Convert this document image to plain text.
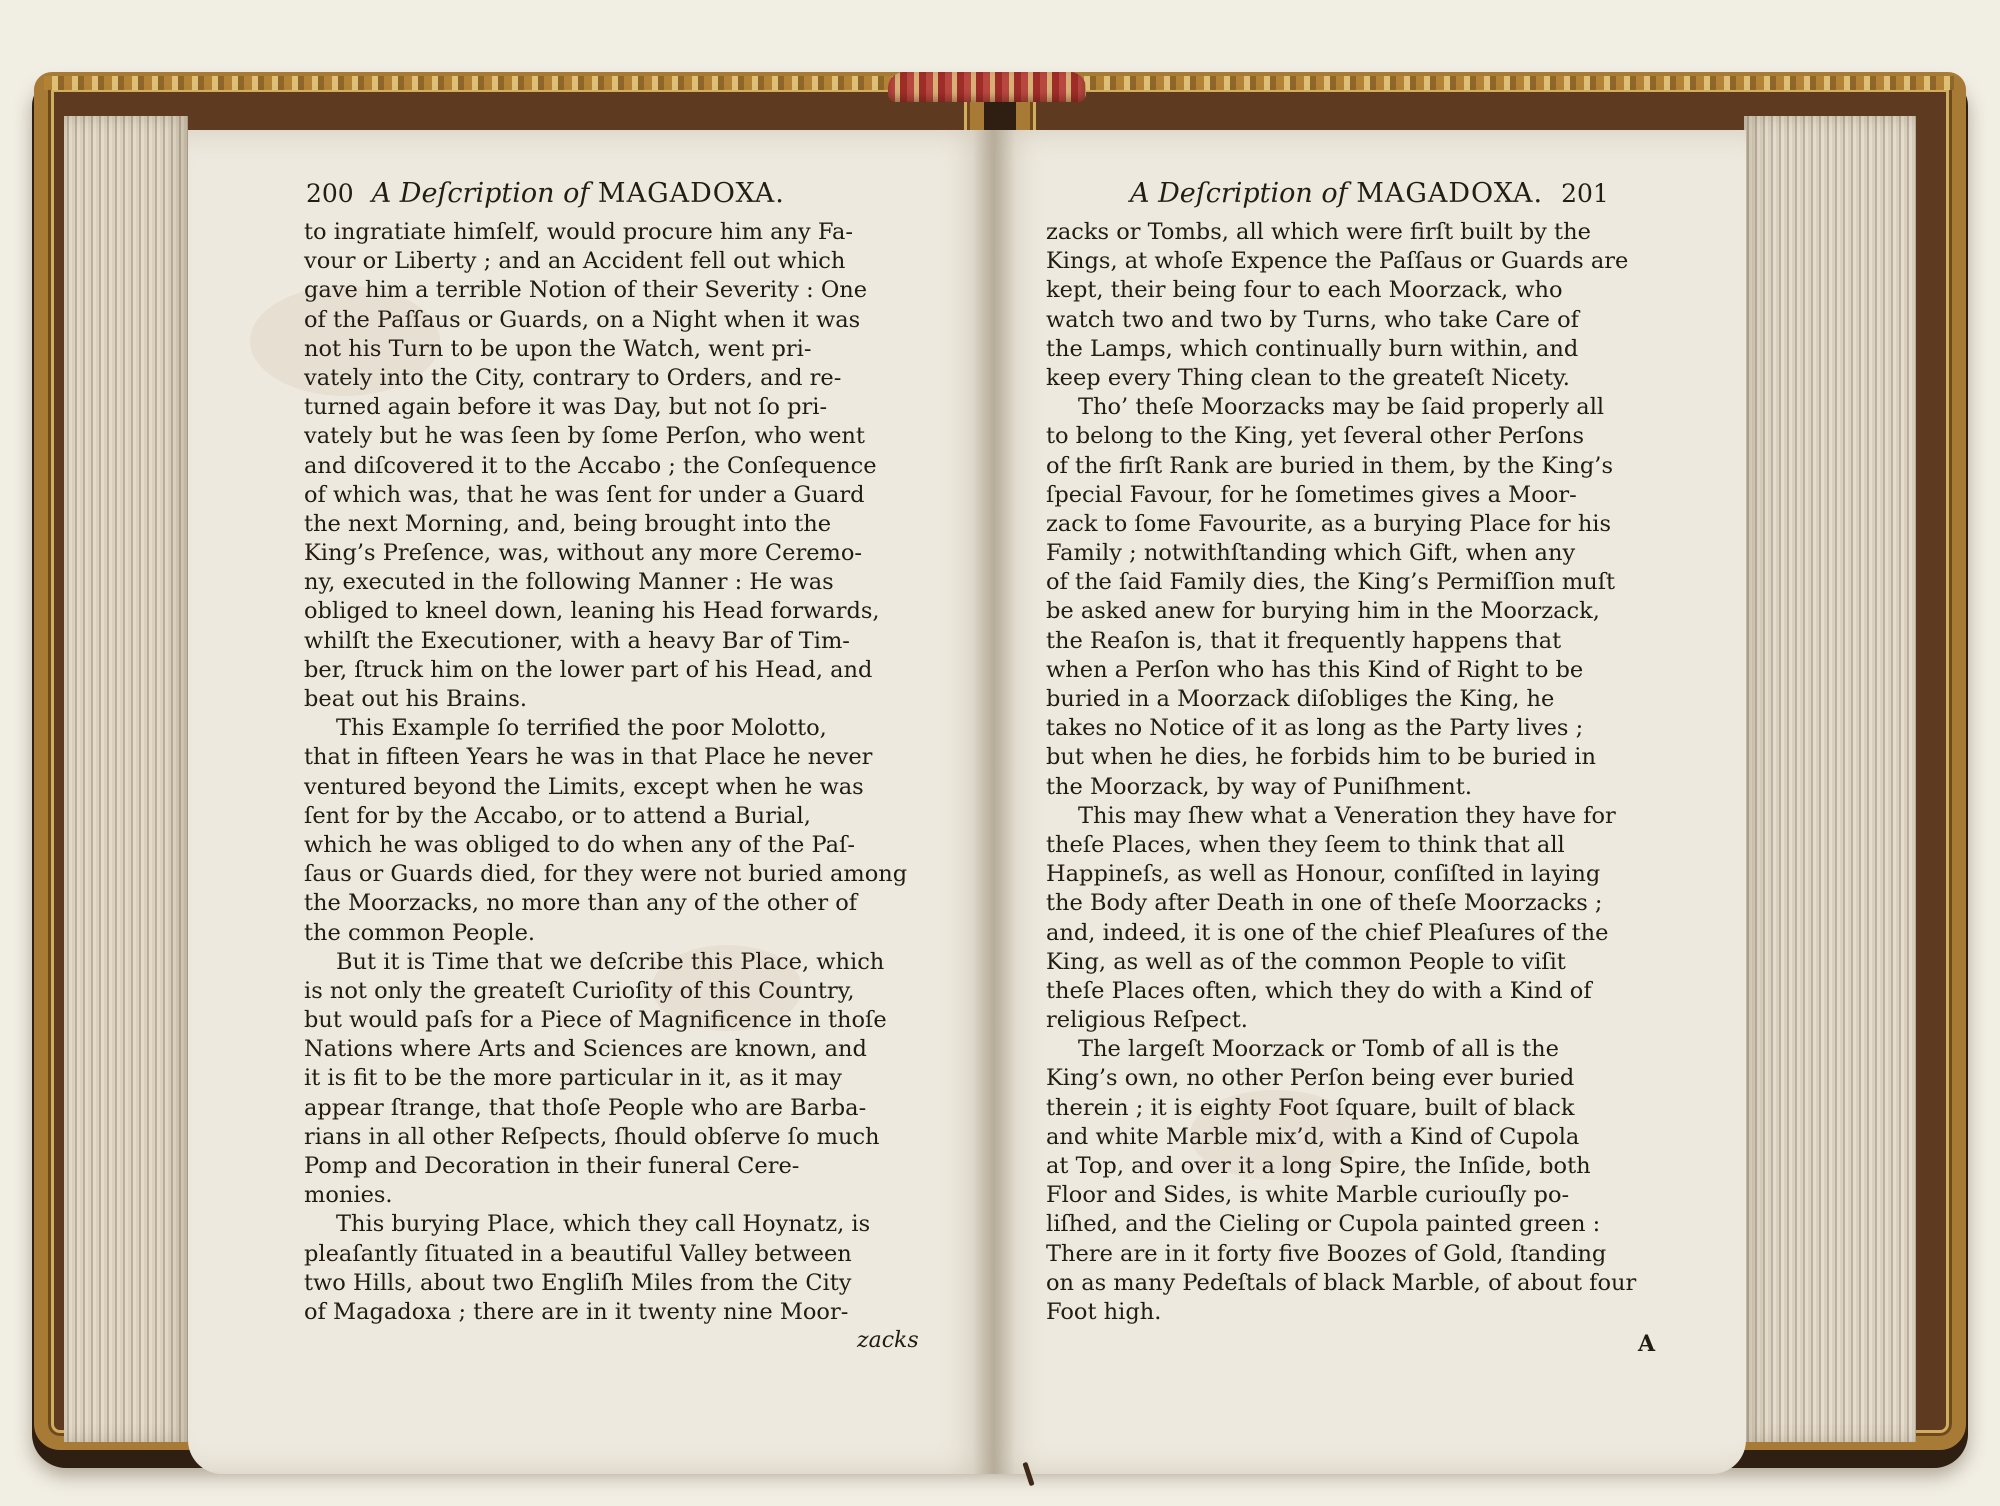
200 A Deſcription of MAGADOXA.	A Deſcription of MAGADOXA. 201
to ingratiate himſelf, would procure him any Fa-
vour or Liberty ; and an Accident fell out which
gave him a terrible Notion of their Severity : One
of the Paſſaus or Guards, on a Night when it was
not his Turn to be upon the Watch, went pri-
vately into the City, contrary to Orders, and re-
turned again before it was Day, but not ſo pri-
vately but he was ſeen by ſome Perſon, who went
and diſcovered it to the Accabo ; the Conſequence
of which was, that he was ſent for under a Guard
the next Morning, and, being brought into the
King’s Preſence, was, without any more Ceremo-
ny, executed in the following Manner : He was
obliged to kneel down, leaning his Head forwards,
whilſt the Executioner, with a heavy Bar of Tim-
ber, ſtruck him on the lower part of his Head, and
beat out his Brains.
This Example ſo terrified the poor Molotto,
that in fifteen Years he was in that Place he never
ventured beyond the Limits, except when he was
ſent for by the Accabo, or to attend a Burial,
which he was obliged to do when any of the Paſ-
ſaus or Guards died, for they were not buried among
the Moorzacks, no more than any of the other of
the common People.
But it is Time that we deſcribe this Place, which
is not only the greateſt Curioſity of this Country,
but would paſs for a Piece of Magnificence in thoſe
Nations where Arts and Sciences are known, and
it is fit to be the more particular in it, as it may
appear ſtrange, that thoſe People who are Barba-
rians in all other Reſpects, ſhould obſerve ſo much
Pomp and Decoration in their funeral Cere-
monies.
This burying Place, which they call Hoynatz, is
pleaſantly ſituated in a beautiful Valley between
two Hills, about two Engliſh Miles from the City
of Magadoxa ; there are in it twenty nine Moor-
zacks
zacks or Tombs, all which were firſt built by the
Kings, at whoſe Expence the Paſſaus or Guards are
kept, their being four to each Moorzack, who
watch two and two by Turns, who take Care of
the Lamps, which continually burn within, and
keep every Thing clean to the greateſt Nicety.
Tho’ theſe Moorzacks may be ſaid properly all
to belong to the King, yet ſeveral other Perſons
of the firſt Rank are buried in them, by the King’s
ſpecial Favour, for he ſometimes gives a Moor-
zack to ſome Favourite, as a burying Place for his
Family ; notwithſtanding which Gift, when any
of the ſaid Family dies, the King’s Permiſſion muſt
be asked anew for burying him in the Moorzack,
the Reaſon is, that it frequently happens that
when a Perſon who has this Kind of Right to be
buried in a Moorzack diſobliges the King, he
takes no Notice of it as long as the Party lives ;
but when he dies, he forbids him to be buried in
the Moorzack, by way of Puniſhment.
This may ſhew what a Veneration they have for
theſe Places, when they ſeem to think that all
Happineſs, as well as Honour, conſiſted in laying
the Body after Death in one of theſe Moorzacks ;
and, indeed, it is one of the chief Pleaſures of the
King, as well as of the common People to viſit
theſe Places often, which they do with a Kind of
religious Reſpect.
The largeſt Moorzack or Tomb of all is the
King’s own, no other Perſon being ever buried
therein ; it is eighty Foot ſquare, built of black
and white Marble mix’d, with a Kind of Cupola
at Top, and over it a long Spire, the Inſide, both
Floor and Sides, is white Marble curiouſly po-
liſhed, and the Cieling or Cupola painted green :
There are in it forty five Boozes of Gold, ſtanding
on as many Pedeſtals of black Marble, of about four
Foot high.
A
